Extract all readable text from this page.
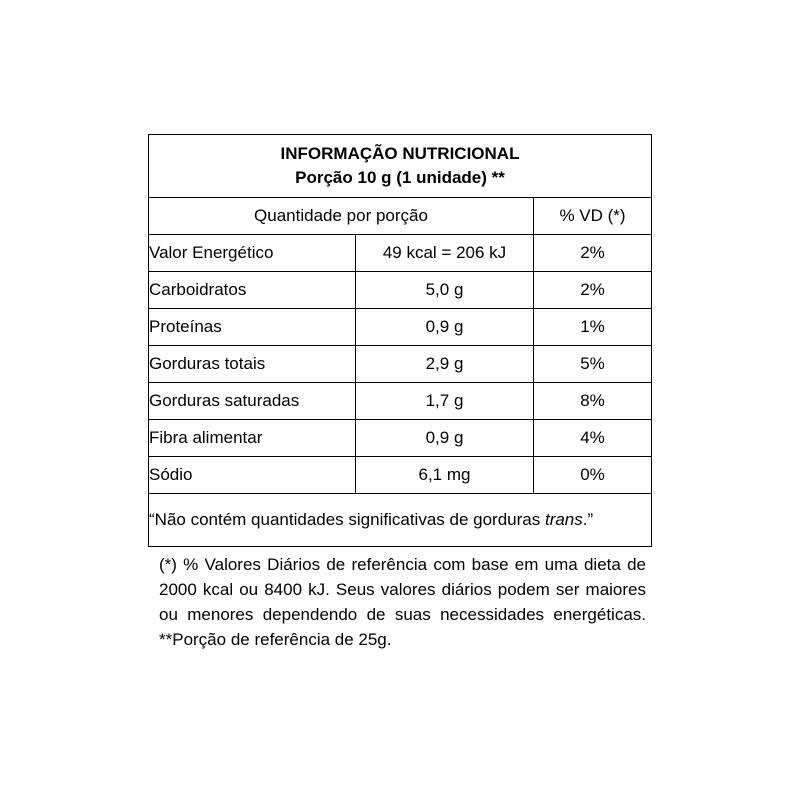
INFORMAÇÃO NUTRICIONAL
Porção 10 g (1 unidade) **		

Quantidade por porção		% VD (*)
Valor Energético	49 kcal = 206 kJ	2%
Carboidratos	5,0 g	2%
Proteínas	0,9 g	1%
Gorduras totais	2,9 g	5%
Gorduras saturadas	1,7 g	8%
Fibra alimentar	0,9 g	4%
Sódio	6,1 mg	0%
“Não contém quantidades significativas de gorduras trans.”		

(*) % Valores Diários de referência com base em uma dieta de 2000 kcal ou 8400 kJ. Seus valores diários podem ser maiores ou menores dependendo de suas necessidades energéticas. **Porção de referência de 25g.
